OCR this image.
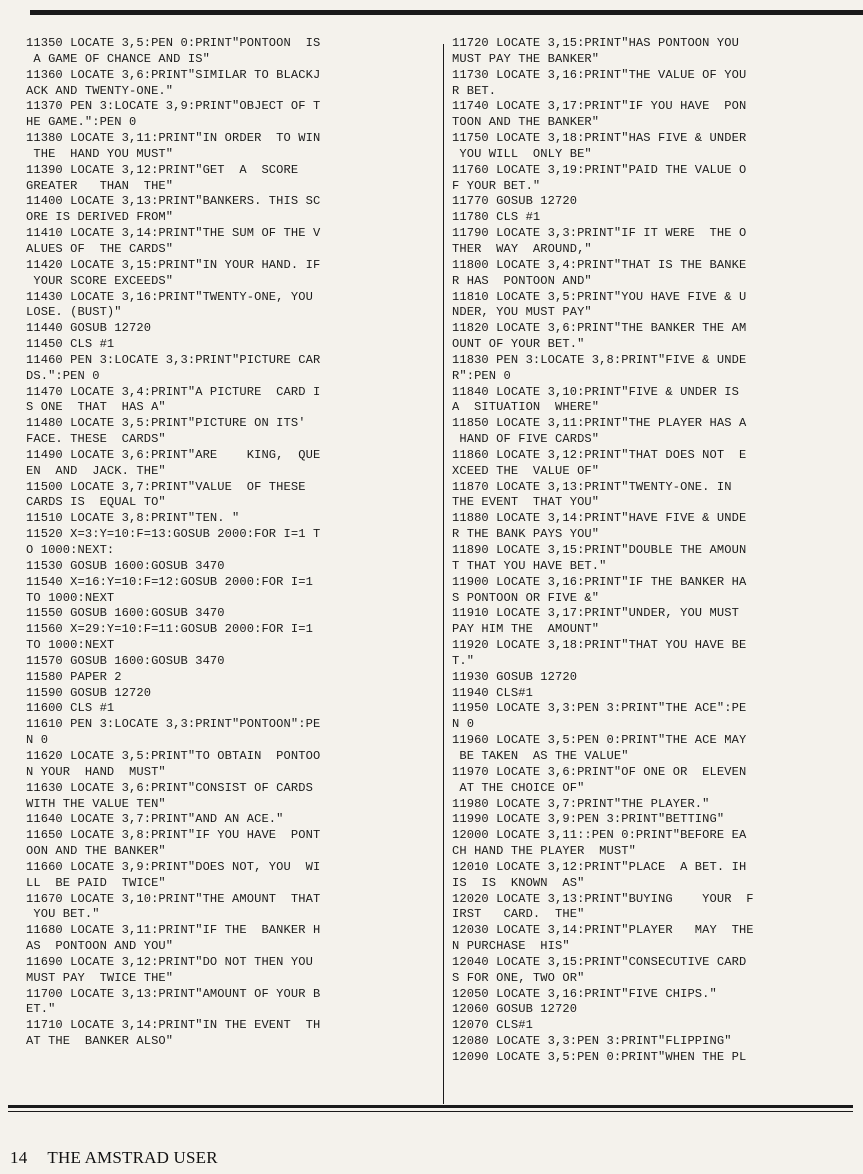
11350 LOCATE 3,5:PEN 0:PRINT"PONTOON  IS
A GAME OF CHANCE AND IS"
11360 LOCATE 3,6:PRINT"SIMILAR TO BLACKJ
ACK AND TWENTY-ONE."
11370 PEN 3:LOCATE 3,9:PRINT"OBJECT OF T
HE GAME.":PEN 0
11380 LOCATE 3,11:PRINT"IN ORDER  TO WIN
THE  HAND YOU MUST"
11390 LOCATE 3,12:PRINT"GET  A  SCORE
GREATER   THAN  THE"
11400 LOCATE 3,13:PRINT"BANKERS. THIS SC
ORE IS DERIVED FROM"
11410 LOCATE 3,14:PRINT"THE SUM OF THE V
ALUES OF  THE CARDS"
11420 LOCATE 3,15:PRINT"IN YOUR HAND. IF
YOUR SCORE EXCEEDS"
11430 LOCATE 3,16:PRINT"TWENTY-ONE, YOU
LOSE. (BUST)"
11440 GOSUB 12720
11450 CLS #1
11460 PEN 3:LOCATE 3,3:PRINT"PICTURE CAR
DS.":PEN 0
11470 LOCATE 3,4:PRINT"A PICTURE  CARD I
S ONE  THAT  HAS A"
11480 LOCATE 3,5:PRINT"PICTURE ON ITS'
FACE. THESE  CARDS"
11490 LOCATE 3,6:PRINT"ARE    KING,  QUE
EN  AND  JACK. THE"
11500 LOCATE 3,7:PRINT"VALUE  OF THESE
CARDS IS  EQUAL TO"
11510 LOCATE 3,8:PRINT"TEN. "
11520 X=3:Y=10:F=13:GOSUB 2000:FOR I=1 T
O 1000:NEXT:
11530 GOSUB 1600:GOSUB 3470
11540 X=16:Y=10:F=12:GOSUB 2000:FOR I=1
TO 1000:NEXT
11550 GOSUB 1600:GOSUB 3470
11560 X=29:Y=10:F=11:GOSUB 2000:FOR I=1
TO 1000:NEXT
11570 GOSUB 1600:GOSUB 3470
11580 PAPER 2
11590 GOSUB 12720
11600 CLS #1
11610 PEN 3:LOCATE 3,3:PRINT"PONTOON":PE
N 0
11620 LOCATE 3,5:PRINT"TO OBTAIN  PONTOO
N YOUR  HAND  MUST"
11630 LOCATE 3,6:PRINT"CONSIST OF CARDS
WITH THE VALUE TEN"
11640 LOCATE 3,7:PRINT"AND AN ACE."
11650 LOCATE 3,8:PRINT"IF YOU HAVE  PONT
OON AND THE BANKER"
11660 LOCATE 3,9:PRINT"DOES NOT, YOU  WI
LL  BE PAID  TWICE"
11670 LOCATE 3,10:PRINT"THE AMOUNT  THAT
YOU BET."
11680 LOCATE 3,11:PRINT"IF THE  BANKER H
AS  PONTOON AND YOU"
11690 LOCATE 3,12:PRINT"DO NOT THEN YOU
MUST PAY  TWICE THE"
11700 LOCATE 3,13:PRINT"AMOUNT OF YOUR B
ET."
11710 LOCATE 3,14:PRINT"IN THE EVENT  TH
AT THE  BANKER ALSO"
11720 LOCATE 3,15:PRINT"HAS PONTOON YOU
MUST PAY THE BANKER"
11730 LOCATE 3,16:PRINT"THE VALUE OF YOU
R BET.
11740 LOCATE 3,17:PRINT"IF YOU HAVE  PON
TOON AND THE BANKER"
11750 LOCATE 3,18:PRINT"HAS FIVE & UNDER
YOU WILL  ONLY BE"
11760 LOCATE 3,19:PRINT"PAID THE VALUE O
F YOUR BET."
11770 GOSUB 12720
11780 CLS #1
11790 LOCATE 3,3:PRINT"IF IT WERE  THE O
THER  WAY  AROUND,"
11800 LOCATE 3,4:PRINT"THAT IS THE BANKE
R HAS  PONTOON AND"
11810 LOCATE 3,5:PRINT"YOU HAVE FIVE & U
NDER, YOU MUST PAY"
11820 LOCATE 3,6:PRINT"THE BANKER THE AM
OUNT OF YOUR BET."
11830 PEN 3:LOCATE 3,8:PRINT"FIVE & UNDE
R":PEN 0
11840 LOCATE 3,10:PRINT"FIVE & UNDER IS
A  SITUATION  WHERE"
11850 LOCATE 3,11:PRINT"THE PLAYER HAS A
HAND OF FIVE CARDS"
11860 LOCATE 3,12:PRINT"THAT DOES NOT  E
XCEED THE  VALUE OF"
11870 LOCATE 3,13:PRINT"TWENTY-ONE. IN
THE EVENT  THAT YOU"
11880 LOCATE 3,14:PRINT"HAVE FIVE & UNDE
R THE BANK PAYS YOU"
11890 LOCATE 3,15:PRINT"DOUBLE THE AMOUN
T THAT YOU HAVE BET."
11900 LOCATE 3,16:PRINT"IF THE BANKER HA
S PONTOON OR FIVE &"
11910 LOCATE 3,17:PRINT"UNDER, YOU MUST
PAY HIM THE  AMOUNT"
11920 LOCATE 3,18:PRINT"THAT YOU HAVE BE
T."
11930 GOSUB 12720
11940 CLS#1
11950 LOCATE 3,3:PEN 3:PRINT"THE ACE":PE
N 0
11960 LOCATE 3,5:PEN 0:PRINT"THE ACE MAY
BE TAKEN  AS THE VALUE"
11970 LOCATE 3,6:PRINT"OF ONE OR  ELEVEN
AT THE CHOICE OF"
11980 LOCATE 3,7:PRINT"THE PLAYER."
11990 LOCATE 3,9:PEN 3:PRINT"BETTING"
12000 LOCATE 3,11::PEN 0:PRINT"BEFORE EA
CH HAND THE PLAYER  MUST"
12010 LOCATE 3,12:PRINT"PLACE  A BET. IH
IS  IS  KNOWN  AS"
12020 LOCATE 3,13:PRINT"BUYING    YOUR  F
IRST   CARD.  THE"
12030 LOCATE 3,14:PRINT"PLAYER   MAY  THE
N PURCHASE  HIS"
12040 LOCATE 3,15:PRINT"CONSECUTIVE CARD
S FOR ONE, TWO OR"
12050 LOCATE 3,16:PRINT"FIVE CHIPS."
12060 GOSUB 12720
12070 CLS#1
12080 LOCATE 3,3:PEN 3:PRINT"FLIPPING"
12090 LOCATE 3,5:PEN 0:PRINT"WHEN THE PL
14 THE AMSTRAD USER
